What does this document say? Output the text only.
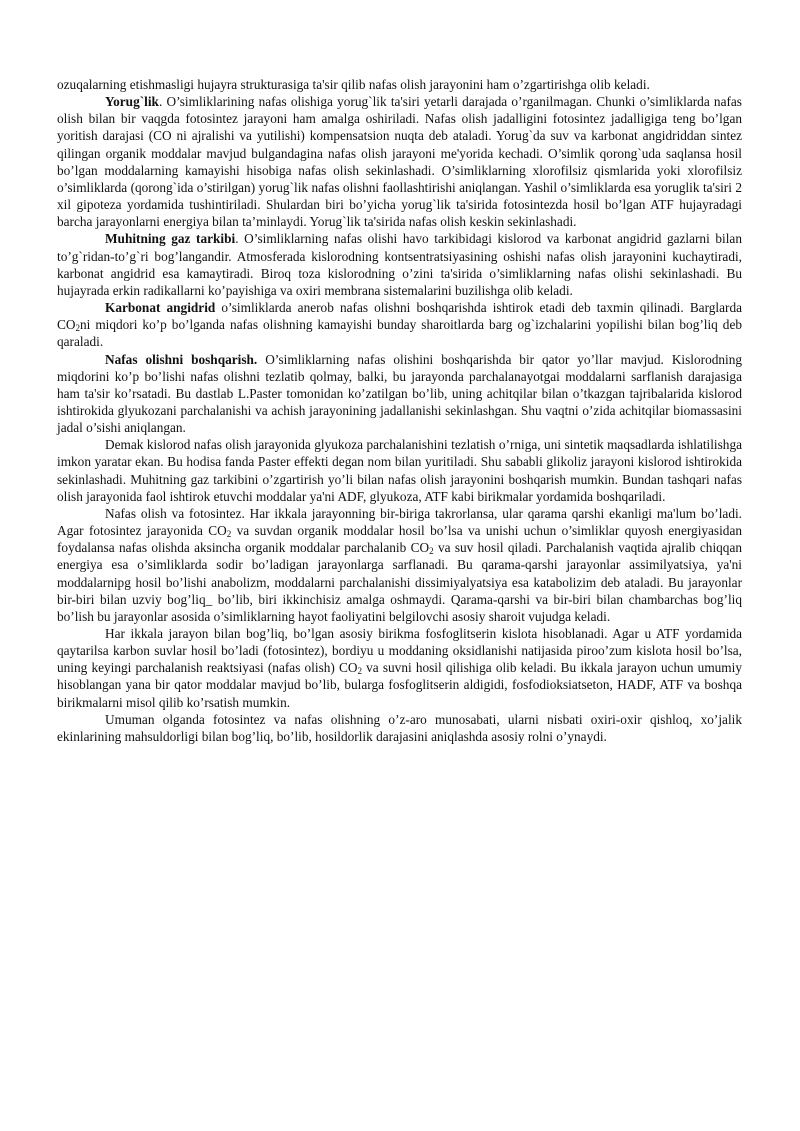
ozuqalarning etishmasligi hujayra strukturasiga ta'sir qilib nafas olish jarayonini ham o’zgartirishga olib keladi.

Yorug`lik. O’simliklarining nafas olishiga yorug`lik ta'siri yetarli darajada o’rganilmagan. Chunki o’simliklarda nafas olish bilan bir vaqgda fotosintez jarayoni ham amalga oshiriladi. Nafas olish jadalligini fotosintez jadalligiga teng bo’lgan yoritish darajasi (CO ni ajralishi va yutilishi) kompensatsion nuqta deb ataladi. Yorug`da suv va karbonat angidriddan sintez qilingan organik moddalar mavjud bulgandagina nafas olish jarayoni me'yorida kechadi. O’simlik qorong`uda saqlansa hosil bo’lgan moddalarning kamayishi hisobiga nafas olish sekinlashadi. O’simliklarning xlorofilsiz qismlarida yoki xlorofilsiz o’simliklarda (qorong`ida o’stirilgan) yorug`lik nafas olishni faollashtirishi aniqlangan. Yashil o’simliklarda esa yoruglik ta'siri 2 xil gipoteza yordamida tushintiriladi. Shulardan biri bo’yicha yorug`lik ta'sirida fotosintezda hosil bo’lgan ATF hujayradagi barcha jarayonlarni energiya bilan ta’minlaydi. Yorug`lik ta'sirida nafas olish keskin sekinlashadi.

Muhitning gaz tarkibi. O’simliklarning nafas olishi havo tarkibidagi kislorod va karbonat angidrid gazlarni bilan to’g`ridan-to’g`ri bog’langandir. Atmosferada kislorodning kontsentratsiyasining oshishi nafas olish jarayonini kuchaytiradi, karbonat angidrid esa kamaytiradi. Biroq toza kislorodning o’zini ta'sirida o’simliklarning nafas olishi sekinlashadi. Bu hujayrada erkin radikallarni ko’payishiga va oxiri membrana sistemalarini buzilishga olib keladi.

Karbonat angidrid o’simliklarda anerob nafas olishni boshqarishda ishtirok etadi deb taxmin qilinadi. Barglarda $CO_2ni$ miqdori ko’p bo’lganda nafas olishning kamayishi bunday sharoitlarda barg og`izchalarini yopilishi bilan bog’liq deb qaraladi.

Nafas olishni boshqarish. O’simliklarning nafas olishini boshqarishda bir qator yo’llar mavjud. Kislorodning miqdorini ko’p bo’lishi nafas olishni tezlatib qolmay, balki, bu jarayonda parchalanayotgai moddalarni sarflanish darajasiga ham ta'sir ko’rsatadi. Bu dastlab L.Paster tomonidan ko’zatilgan bo’lib, uning achitqilar bilan o’tkazgan tajribalarida kislorod ishtirokida glyukozani parchalanishi va achish jarayonining jadallanishi sekinlashgan. Shu vaqtni o’zida achitqilar biomassasini jadal o’sishi aniqlangan.

Demak kislorod nafas olish jarayonida glyukoza parchalanishini tezlatish o’rniga, uni sintetik maqsadlarda ishlatilishga imkon yaratar ekan. Bu hodisa fanda Paster effekti degan nom bilan yuritiladi. Shu sababli glikoliz jarayoni kislorod ishtirokida sekinlashadi. Muhitning gaz tarkibini o’zgartirish yo’li bilan nafas olish jarayonini boshqarish mumkin. Bundan tashqari nafas olish jarayonida faol ishtirok etuvchi moddalar ya'ni ADF, glyukoza, ATF kabi birikmalar yordamida boshqariladi.

Nafas olish va fotosintez. Har ikkala jarayonning bir-biriga takrorlansa, ular qarama qarshi ekanligi ma'lum bo’ladi. Agar fotosintez jarayonida $CO_2$ va suvdan organik moddalar hosil bo’lsa va unishi uchun o’simliklar quyosh energiyasidan foydalansa nafas olishda aksincha organik moddalar parchalanib $CO_2$ va suv hosil qiladi. Parchalanish vaqtida ajralib chiqqan energiya esa o’simliklarda sodir bo’ladigan jarayonlarga sarflanadi. Bu qarama-qarshi jarayonlar assimilyatsiya, ya'ni moddalarnipg hosil bo’lishi anabolizm, moddalarni parchalanishi dissimiyalyatsiya esa katabolizim deb ataladi. Bu jarayonlar bir-biri bilan uzviy bog’liq_ bo’lib, biri ikkinchisiz amalga oshmaydi. Qarama-qarshi va bir-biri bilan chambarchas bog’liq bo’lish bu jarayonlar asosida o’simliklarning hayot faoliyatini belgilovchi asosiy sharoit vujudga keladi.

Har ikkala jarayon bilan bog’liq, bo’lgan asosiy birikma fosfoglitserin kislota hisoblanadi. Agar u ATF yordamida qaytarilsa karbon suvlar hosil bo’ladi (fotosintez), bordiyu u moddaning oksidlanishi natijasida piroo’zum kislota hosil bo’lsa, uning keyingi parchalanish reaktsiyasi (nafas olish) $CO_2$ va suvni hosil qilishiga olib keladi. Bu ikkala jarayon uchun umumiy hisoblangan yana bir qator moddalar mavjud bo’lib, bularga fosfoglitserin aldigidi, fosfodioksiatseton, HADF, ATF va boshqa birikmalarni misol qilib ko’rsatish mumkin.

Umuman olganda fotosintez va nafas olishning o’z-aro munosabati, ularni nisbati oxiri-oxir qishloq, xo’jalik ekinlarining mahsuldorligi bilan bog’liq, bo’lib, hosildorlik darajasini aniqlashda asosiy rolni o’ynaydi.
